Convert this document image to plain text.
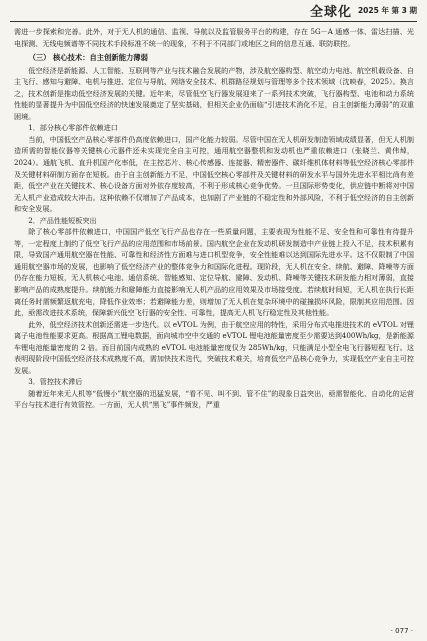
全球化 2025 年 第 3 期

需进一步探索和完善。此外，对于无人机的通信、监视、导航以及监管服务平台的构建，存在 5G－A 通感一体、雷达扫描、光电探测、无线电频谱等不同技术手段标准不统一的现象，不利于不同部门或地区之间的信息互通、联防联控。

（三） 核心技术：自主创新能力薄弱

低空经济是新能源、人工智能、互联网等产业与技术融合发展的产物，涉及航空器构型、航空动力电池、航空机载设备、自主飞行、感知与避障、电机与推进、定位与导航、网络安全技术、机群路径规划与管理等多个技术领域（沈映春，2025）。换言之，技术创新是推动低空经济发展的关键。近年来，尽管低空飞行器发展迎来了一系列技术突破，飞行器构型、电池和动力系统性能的显著提升为中国低空经济的快速发展奠定了坚实基础，但相关企业仍面临“引进技术消化不足，自主创新能力薄弱”的双重困境。

1．部分核心零部件依赖进口

当前，中国低空产品核心零部件仍高度依赖进口，国产化能力较弱。尽管中国在无人机研发制造领域成绩显著，但无人机制造所需的智能仪器等关键核心元器件还未实现完全自主可控，通用航空器整机和发动机也严重依赖进口（张晓兰、黄伟焯，2024）。通航飞机、直升机国产化率低，在主控芯片、核心传感器、连接器、精密器件、碳纤维机体材料等低空经济核心零部件及关键材料研制方面存在短板。由于自主创新能力不足，中国低空核心零部件及关键材料的研发水平与国外先进水平相比尚有差距，低空产业在关键技术、核心设备方面对外依存度较高，不利于形成核心竞争优势。一旦国际形势变化，供应链中断将对中国无人机产业造成较大冲击。这种依赖不仅增加了产品成本，也加剧了产业链的不稳定性和外部风险，不利于低空经济的自主创新和安全发展。

2．产品性能短板突出

除了核心零部件依赖进口，中国国产低空飞行产品也存在一些质量问题，主要表现为性能不足、安全性和可靠性有待提升等，一定程度上制约了低空飞行产品的应用范围和市场前景。国内航空企业在发动机研发制造中产业链上投入不足，技术积累有限，导致国产通用航空器在性能、可靠性和经济性方面难与进口机型竞争，安全性能难以达到国际先进水平。这不仅限制了中国通用航空器市场的发展，也影响了低空经济产业的整体竞争力和国际化进程。现阶段，无人机在安全、续航、避障、降噪等方面仍存在能力短板，无人机核心电池、通信系统、智能感知、定位导航、避障、发动机、降噪等关键技术研发能力相对薄弱，直接影响产品的成熟度提升。续航能力和避障能力直接影响无人机产品的应用效果及市场接受度。若续航时间短，无人机在执行长距离任务时需频繁返航充电，降低作业效率；若避障能力差，则增加了无人机在复杂环境中的碰撞损坏风险，限制其应用范围。因此，亟需改进技术系统，保障新兴低空飞行器的安全性、可靠性，提高无人机飞行稳定性及其他性能。

此外，低空经济技术创新还需进一步迭代。以 eVTOL 为例，由于航空应用的特性，采用分布式电推进技术的 eVTOL 对锂离子电池性能要求更高。根据高工锂电数据，面向城市空中交通的 eVTOL 锂电池能量密度至少需要达到400Wh/kg，是新能源车锂电池能量密度的 2 倍。而目前国内成熟的 eVTOL 电池能量密度仅为 285Wh/kg，只能满足小型全电飞行器短程飞行。这表明现阶段中国低空经济技术成熟度不高，需加快技术迭代，突破技术难关，培育低空产品核心竞争力，实现低空产业自主可控发展。

3．管控技术滞后

随着近年来无人机等“低慢小”航空器的迅猛发展，“看不见、叫不到、管不住”的现象日益突出，亟需智能化、自动化的运营平台与技术进行有效管控。一方面，无人机“黑飞”事件频发，严重

· 077 ·
